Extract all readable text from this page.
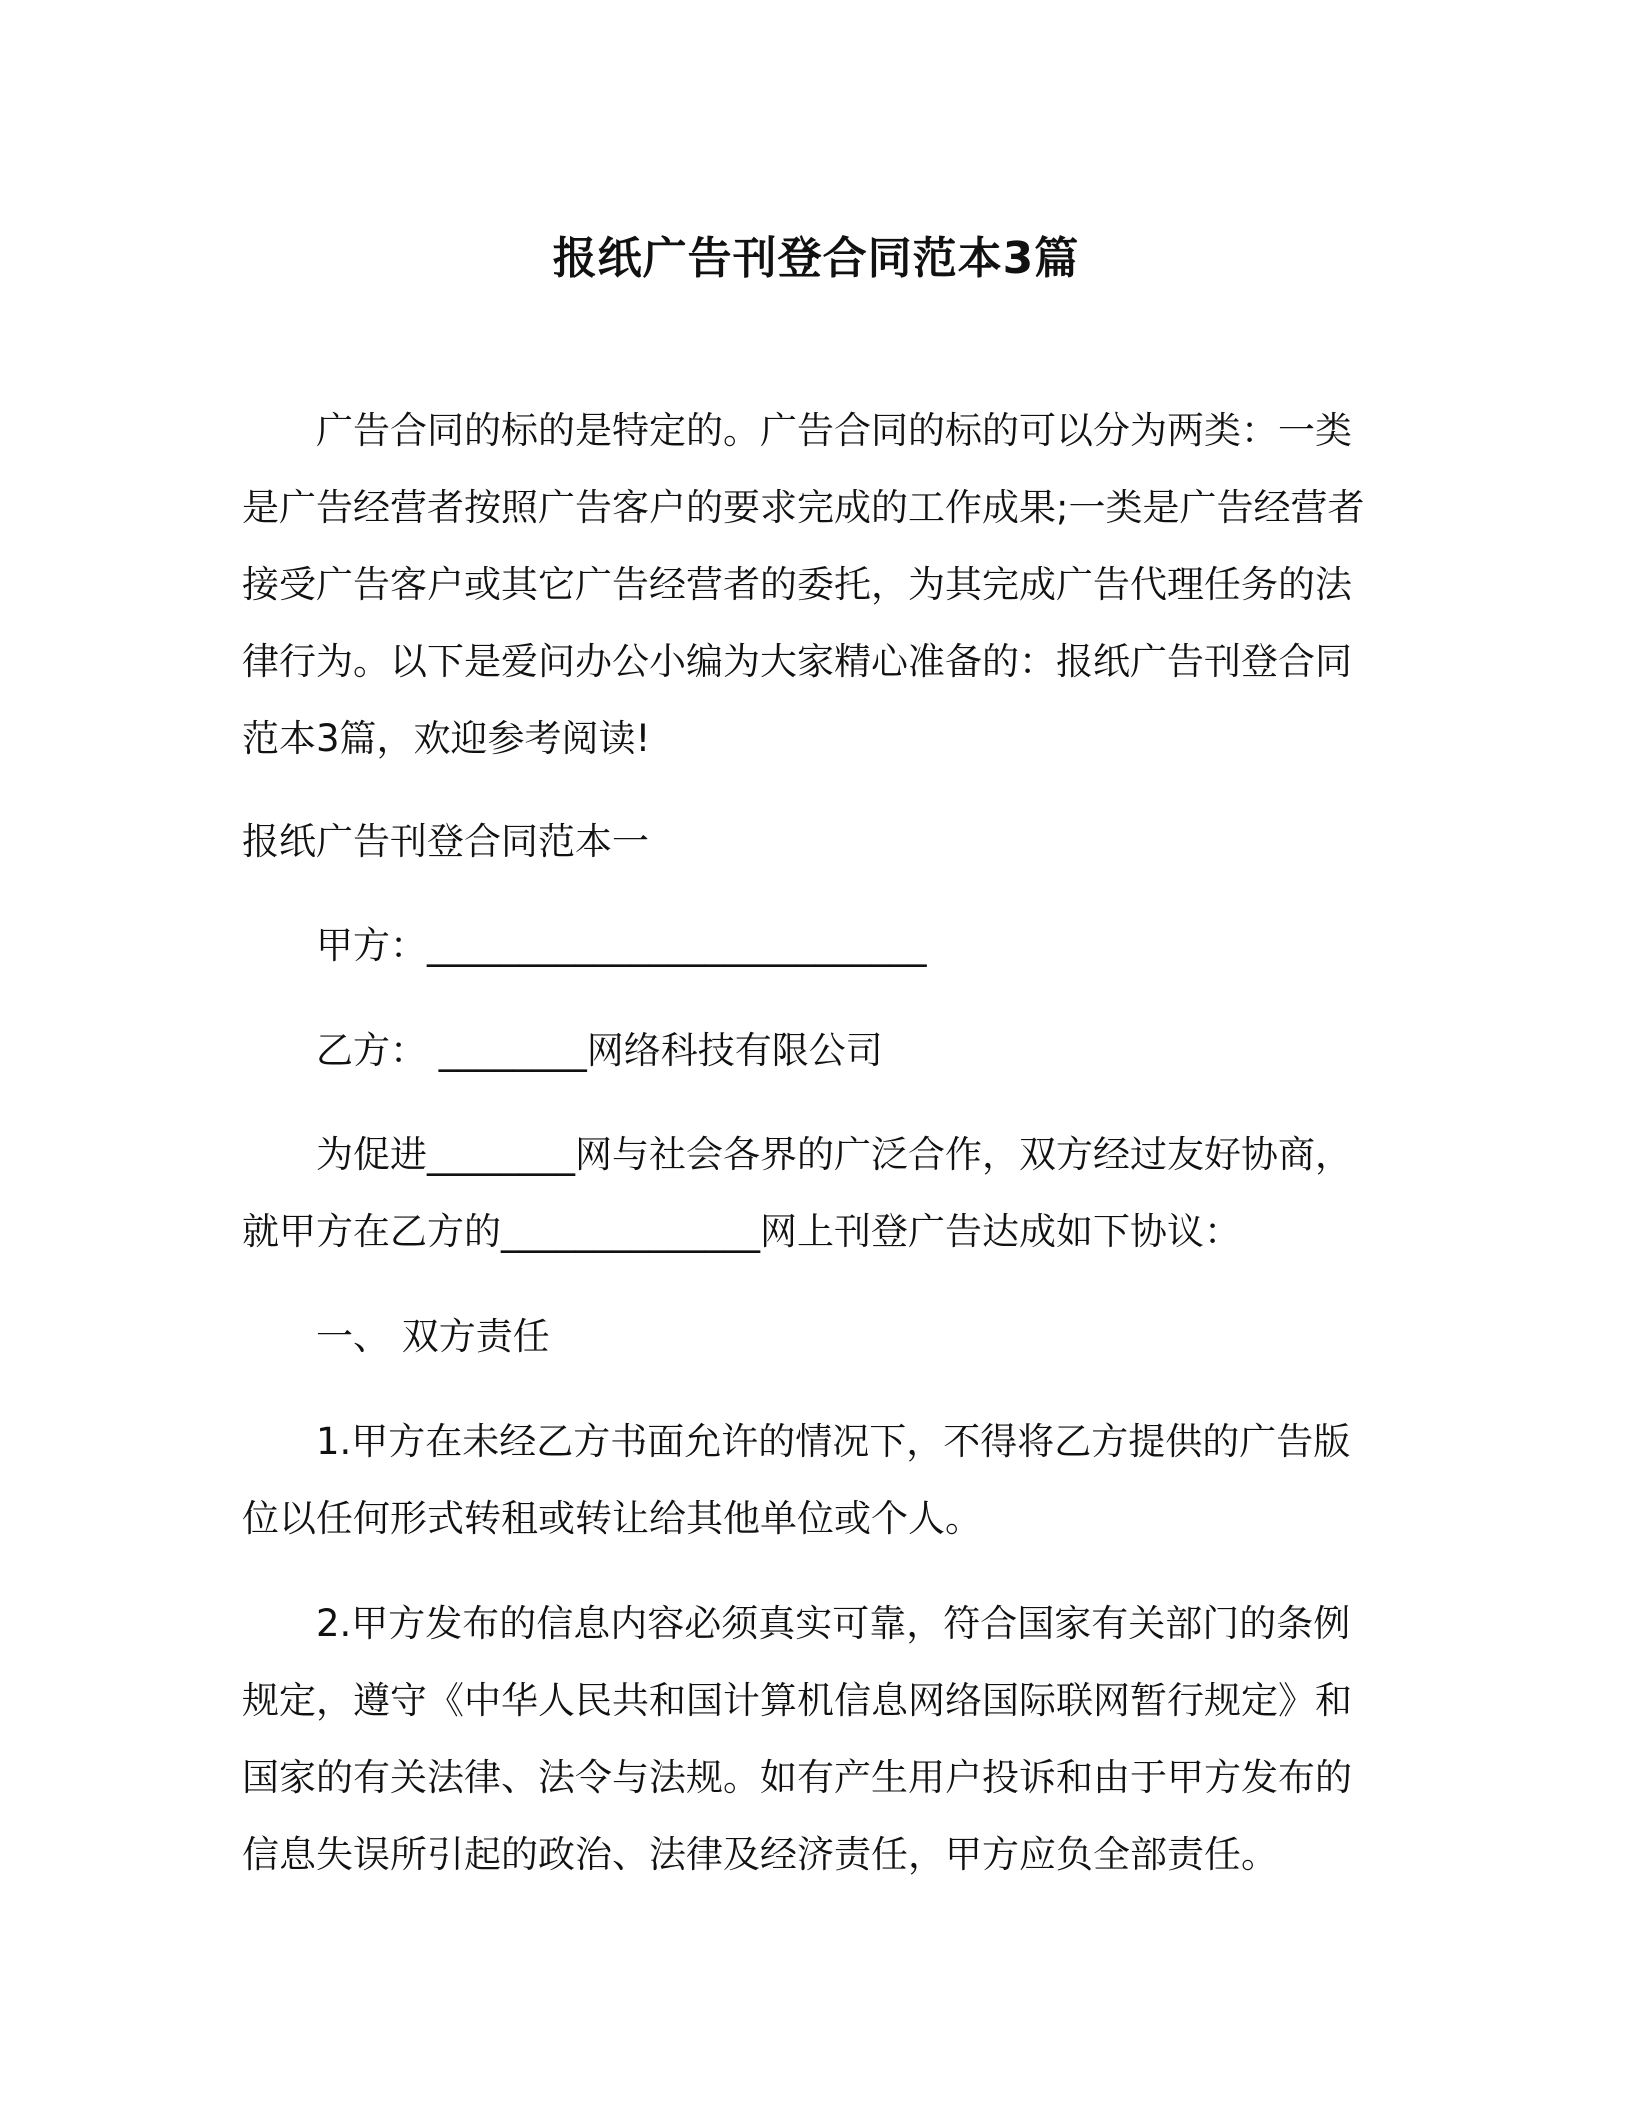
报纸广告刊登合同范本3篇

广告合同的标的是特定的。广告合同的标的可以分为两类：一类是广告经营者按照广告客户的要求完成的工作成果;一类是广告经营者接受广告客户或其它广告经营者的委托，为其完成广告代理任务的法律行为。以下是爱问办公小编为大家精心准备的：报纸广告刊登合同范本3篇，欢迎参考阅读!

报纸广告刊登合同范本一

甲方：___________________________

乙方： ________网络科技有限公司

为促进________网与社会各界的广泛合作，双方经过友好协商，就甲方在乙方的______________网上刊登广告达成如下协议：

一、 双方责任

1.甲方在未经乙方书面允许的情况下，不得将乙方提供的广告版位以任何形式转租或转让给其他单位或个人。

2.甲方发布的信息内容必须真实可靠，符合国家有关部门的条例规定，遵守《中华人民共和国计算机信息网络国际联网暂行规定》和国家的有关法律、法令与法规。如有产生用户投诉和由于甲方发布的信息失误所引起的政治、法律及经济责任，甲方应负全部责任。
